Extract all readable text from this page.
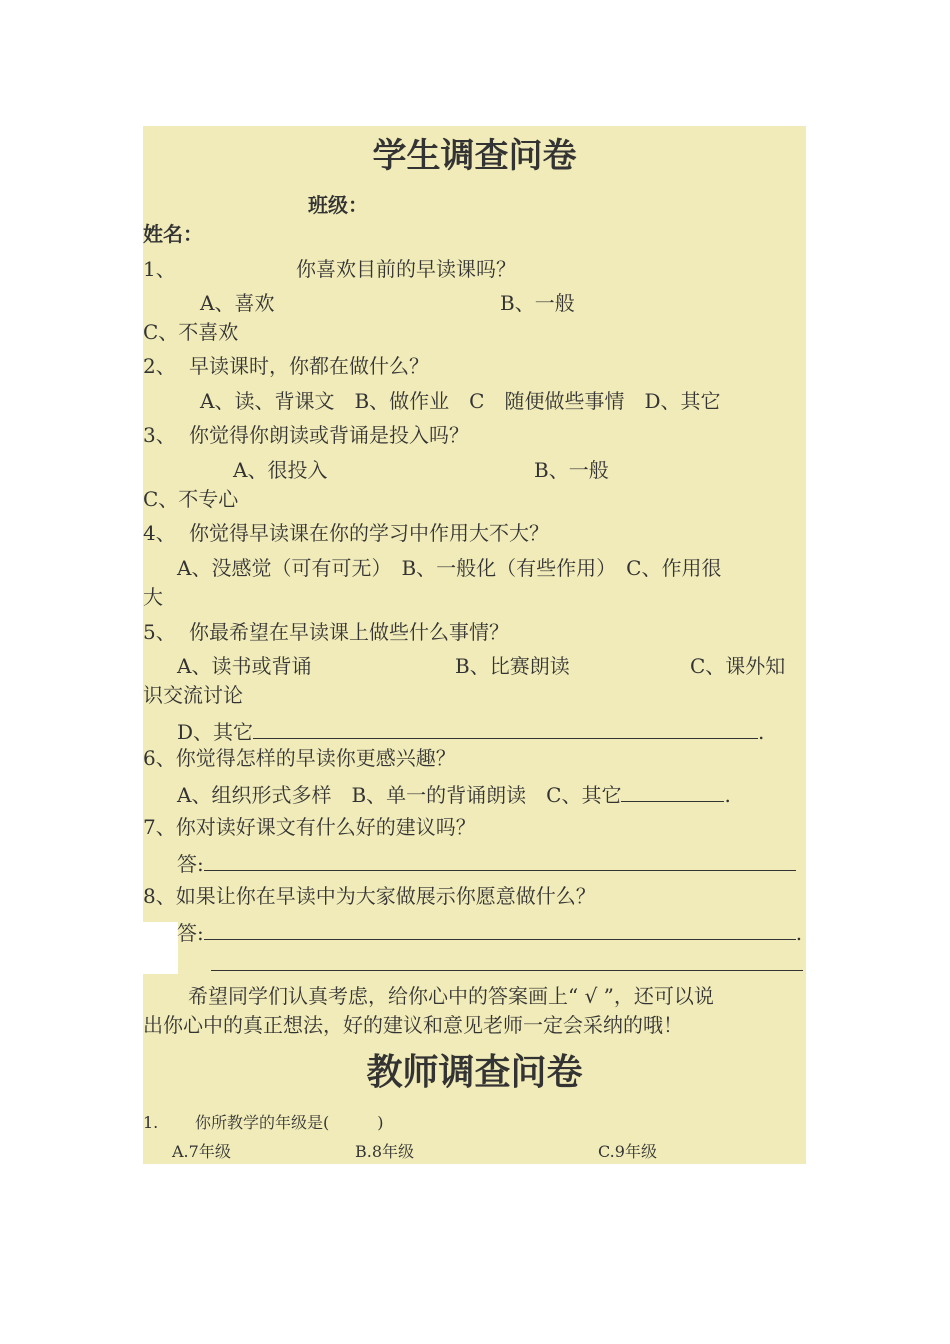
学生调查问卷
班级：
姓名：
1、	你喜欢目前的早读课吗？
A、喜欢	B、一般
C、不喜欢
2、 早读课时，你都在做什么？
A、读、背课文　B、做作业　C　随便做些事情　D、其它
3、 你觉得你朗读或背诵是投入吗？
A、很投入	B、一般
C、不专心
4、 你觉得早读课在你的学习中作用大不大？
A、没感觉（可有可无）　B、一般化（有些作用）　C、作用很
大
5、 你最希望在早读课上做些什么事情？
A、读书或背诵	B、比赛朗读	C、课外知
识交流讨论
D、其它	.
6、你觉得怎样的早读你更感兴趣？
A、组织形式多样　B、单一的背诵朗读　C、其它	.
7、你对读好课文有什么好的建议吗？
答:
8、如果让你在早读中为大家做展示你愿意做什么？
答:	.
希望同学们认真考虑，给你心中的答案画上“ √ ”，还可以说
出你心中的真正想法，好的建议和意见老师一定会采纳的哦！
教师调查问卷
1. 你所教学的年级是(　　　)
A.7年级	B.8年级	C.9年级
